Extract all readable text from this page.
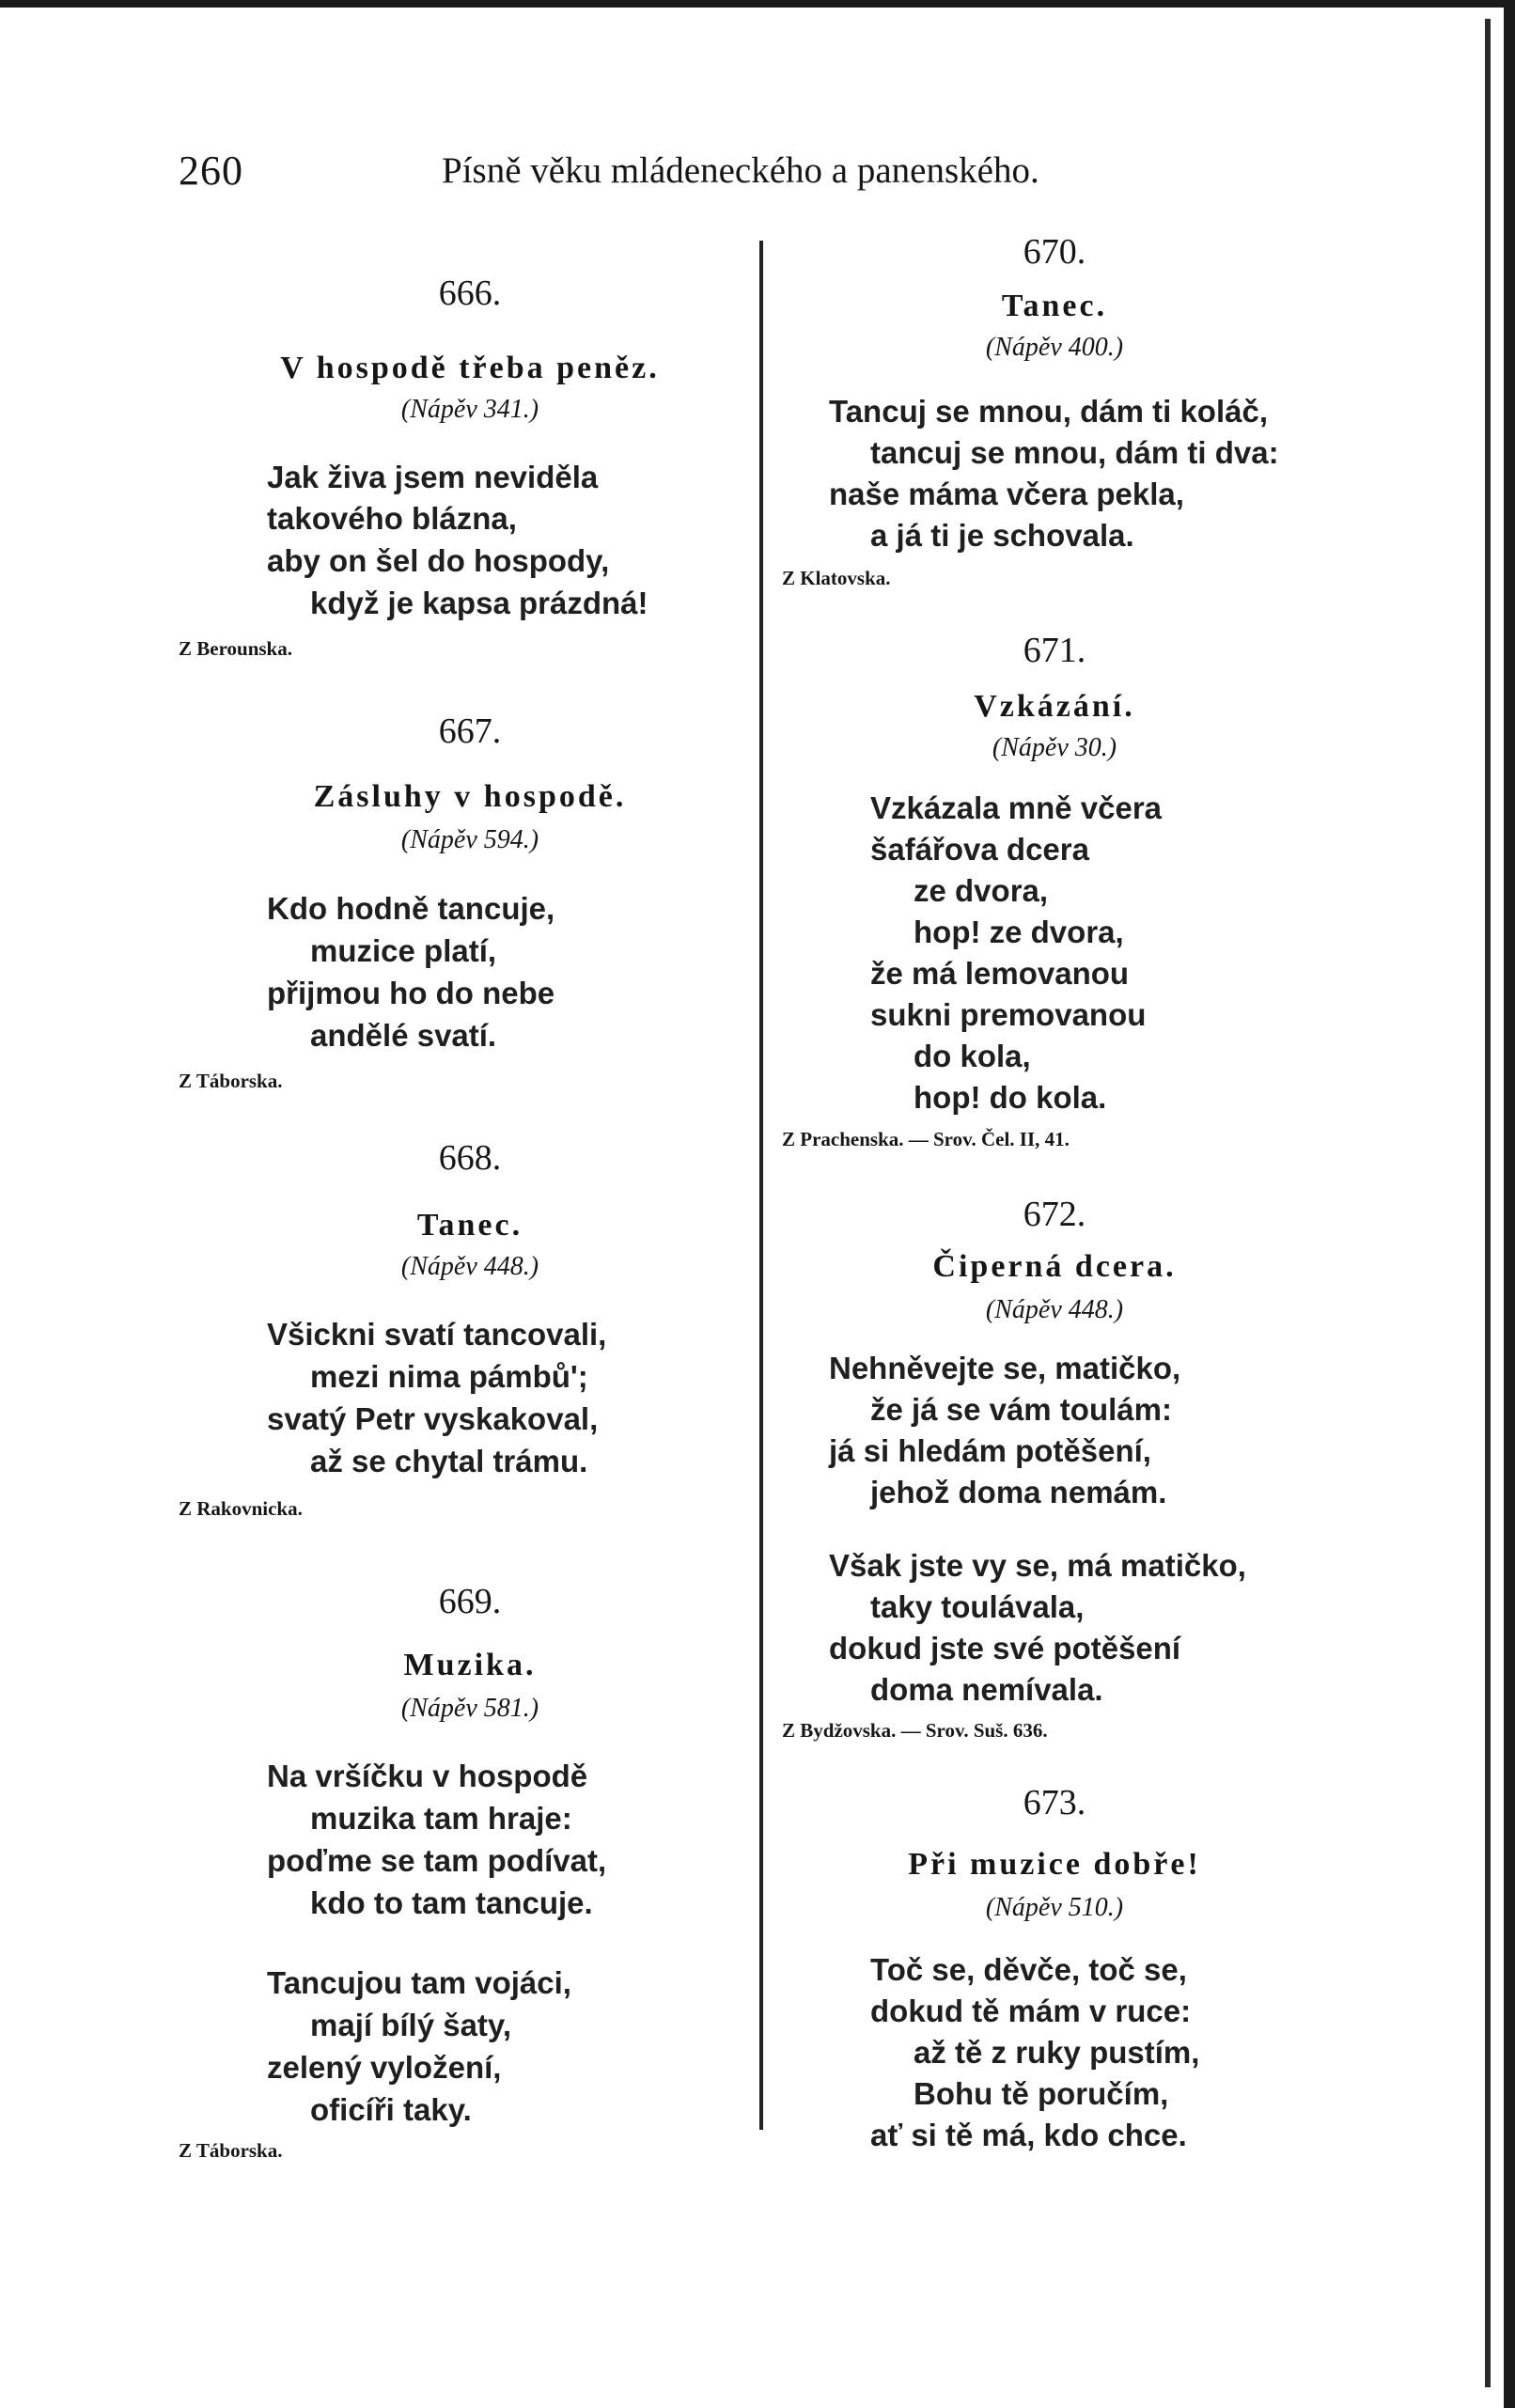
260	Písně věku mládeneckého a panenského.
666.
V hospodě třeba peněz.
(Nápěv 341.)
Jak živa jsem neviděla
takového blázna,
aby on šel do hospody,
když je kapsa prázdná!
Z Berounska.
667.
Zásluhy v hospodě.
(Nápěv 594.)
Kdo hodně tancuje,
muzice platí,
přijmou ho do nebe
andělé svatí.
Z Táborska.
668.
Tanec.
(Nápěv 448.)
Všickni svatí tancovali,
mezi nima pámbů';
svatý Petr vyskakoval,
až se chytal trámu.
Z Rakovnicka.
669.
Muzika.
(Nápěv 581.)
Na vršíčku v hospodě
muzika tam hraje:
poďme se tam podívat,
kdo to tam tancuje.
Tancujou tam vojáci,
mají bílý šaty,
zelený vyložení,
oficíři taky.
Z Táborska.
670.
Tanec.
(Nápěv 400.)
Tancuj se mnou, dám ti koláč,
tancuj se mnou, dám ti dva:
naše máma včera pekla,
a já ti je schovala.
Z Klatovska.
671.
Vzkázání.
(Nápěv 30.)
Vzkázala mně včera
šafářova dcera
ze dvora,
hop! ze dvora,
že má lemovanou
sukni premovanou
do kola,
hop! do kola.
Z Prachenska. — Srov. Čel. II, 41.
672.
Čiperná dcera.
(Nápěv 448.)
Nehněvejte se, matičko,
že já se vám toulám:
já si hledám potěšení,
jehož doma nemám.
Však jste vy se, má matičko,
taky toulávala,
dokud jste své potěšení
doma nemívala.
Z Bydžovska. — Srov. Suš. 636.
673.
Při muzice dobře!
(Nápěv 510.)
Toč se, děvče, toč se,
dokud tě mám v ruce:
až tě z ruky pustím,
Bohu tě poručím,
ať si tě má, kdo chce.
